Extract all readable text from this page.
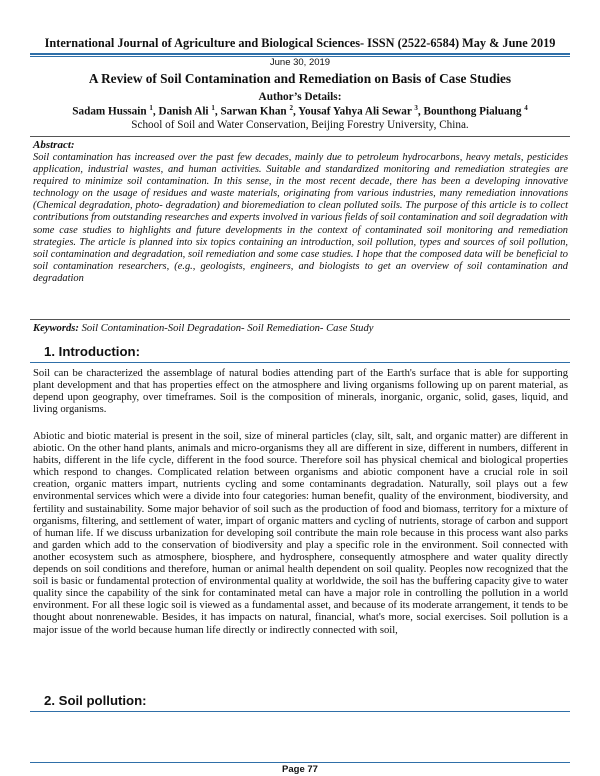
International Journal of Agriculture and Biological Sciences- ISSN (2522-6584) May & June 2019
June 30, 2019
A Review of Soil Contamination and Remediation on Basis of Case Studies
Author’s Details:
Sadam Hussain $^1$, Danish Ali $^1$, Sarwan Khan $^2$, Yousaf Yahya Ali Sewar $^3$, Bounthong Pialuang $^4$
School of Soil and Water Conservation, Beijing Forestry University, China.
Abstract:
Soil contamination has increased over the past few decades, mainly due to petroleum hydrocarbons, heavy metals, pesticides application, industrial wastes, and human activities. Suitable and standardized monitoring and remediation strategies are required to minimize soil contamination. In this sense, in the most recent decade, there has been a developing innovative technology on the usage of residues and waste materials, originating from various industries, many remediation innovations (Chemical degradation, photo- degradation) and bioremediation to clean polluted soils. The purpose of this article is to collect contributions from outstanding researches and experts involved in various fields of soil contamination and soil degradation with some case studies to highlights and future developments in the context of contaminated soil monitoring and remediation strategies. The article is planned into six topics containing an introduction, soil pollution, types and sources of soil pollution, soil contamination and degradation, soil remediation and some case studies. I hope that the composed data will be beneficial to soil contamination researchers, (e.g., geologists, engineers, and biologists to get an overview of soil contamination and degradation
Keywords: Soil Contamination-Soil Degradation- Soil Remediation- Case Study
1. Introduction:
Soil can be characterized the assemblage of natural bodies attending part of the Earth's surface that is able for supporting plant development and that has properties effect on the atmosphere and living organisms following up on parent material, as depend upon geography, over timeframes. Soil is the composition of minerals, inorganic, organic, solid, gases, liquid, and living organisms.
Abiotic and biotic material is present in the soil, size of mineral particles (clay, silt, salt, and organic matter) are different in abiotic. On the other hand plants, animals and micro-organisms they all are different in size, different in numbers, different in habits, different in the life cycle, different in the food source. Therefore soil has physical chemical and biological properties which respond to changes. Complicated relation between organisms and abiotic component have a crucial role in soil creation, organic matters impart, nutrients cycling and some contaminants degradation. Naturally, soil plays out a few environmental services which were a divide into four categories: human benefit, quality of the environment, biodiversity, and fertility and sustainability. Some major behavior of soil such as the production of food and biomass, territory for a mixture of organisms, filtering, and settlement of water, impart of organic matters and cycling of nutrients, storage of carbon and support of human life. If we discuss urbanization for developing soil contribute the main role because in this process want also parks and garden which add to the conservation of biodiversity and play a specific role in the environment. Soil connected with another ecosystem such as atmosphere, biosphere, and hydrosphere, consequently atmosphere and water quality directly depends on soil conditions and therefore, human or animal health dependent on soil quality. Peoples now recognized that the soil is basic or fundamental protection of environmental quality at worldwide, the soil has the buffering capacity give to water quality since the capability of the sink for contaminated metal can have a major role in controlling the pollution in a world environment. For all these logic soil is viewed as a fundamental asset, and because of its moderate arrangement, it tends to be thought about nonrenewable. Besides, it has impacts on natural, financial, what's more, social exercises. Soil pollution is a major issue of the world because human life directly or indirectly connected with soil,
2. Soil pollution:
Page 77
